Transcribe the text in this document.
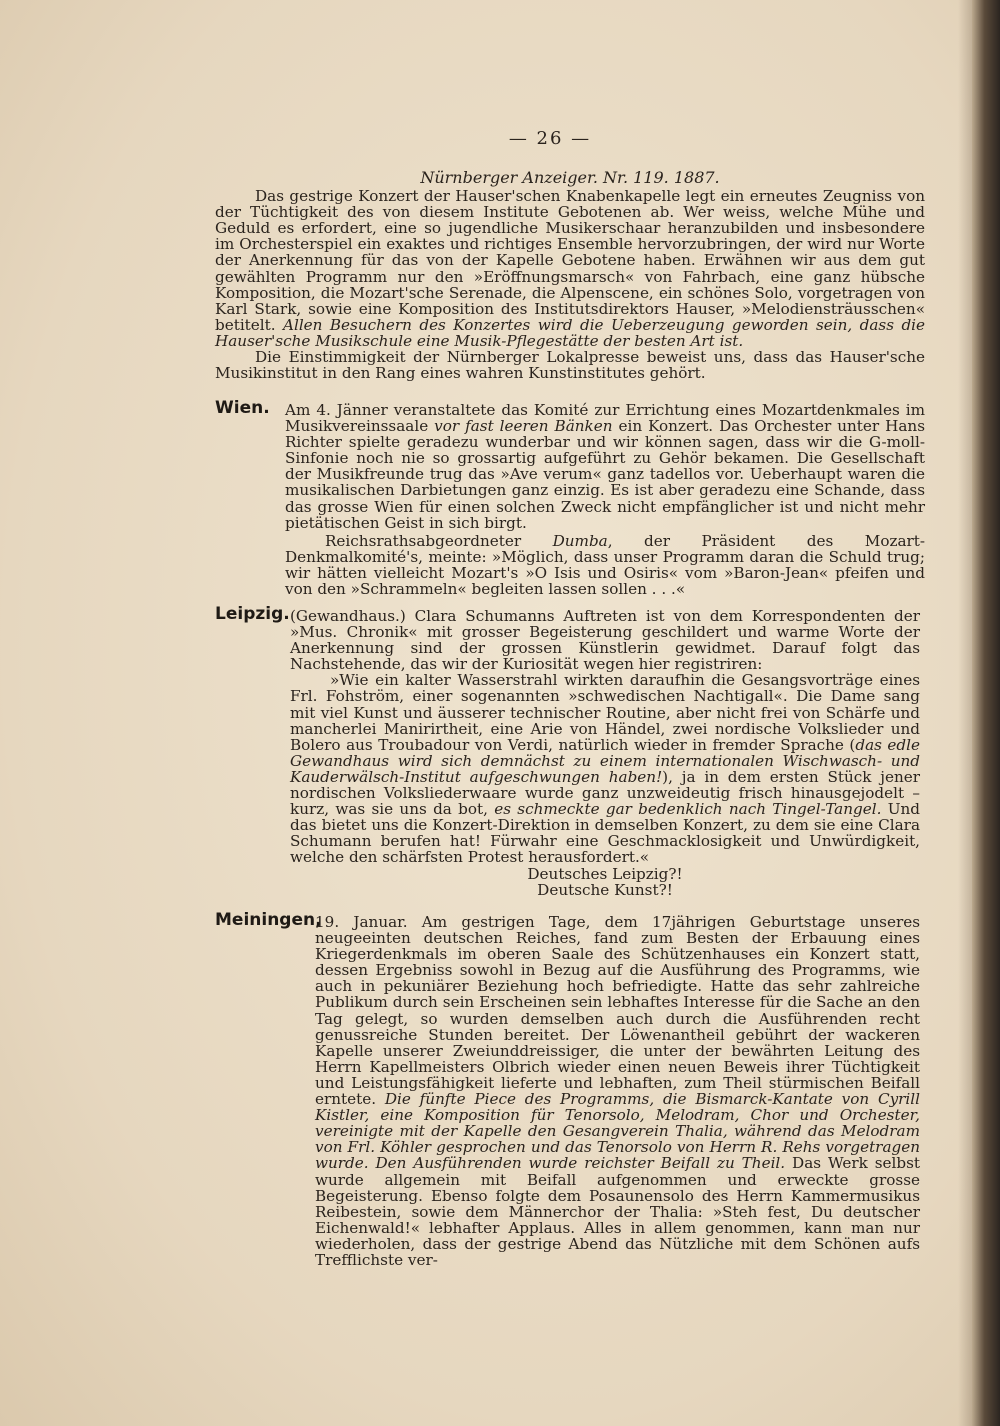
— 26 —

Nürnberger Anzeiger. Nr. 119. 1887.

Das gestrige Konzert der Hauser'schen Knabenkapelle legt ein erneutes Zeugniss von der Tüchtigkeit des von diesem Institute Gebotenen ab. Wer weiss, welche Mühe und Geduld es erfordert, eine so jugendliche Musikerschaar heranzubilden und insbesondere im Orchesterspiel ein exaktes und richtiges Ensemble hervorzubringen, der wird nur Worte der Anerkennung für das von der Kapelle Gebotene haben. Erwähnen wir aus dem gut gewählten Programm nur den »Eröffnungsmarsch« von Fahrbach, eine ganz hübsche Komposition, die Mozart'sche Serenade, die Alpenscene, ein schönes Solo, vorgetragen von Karl Stark, sowie eine Komposition des Institutsdirektors Hauser, »Melodiensträusschen« betitelt. Allen Besuchern des Konzertes wird die Ueberzeugung geworden sein, dass die Hauser'sche Musikschule eine Musik-Pflegestätte der besten Art ist.

Die Einstimmigkeit der Nürnberger Lokalpresse beweist uns, dass das Hauser'sche Musikinstitut in den Rang eines wahren Kunstinstitutes gehört.

Wien. Am 4. Jänner veranstaltete das Komité zur Errichtung eines Mozartdenkmales im Musikvereinssaale vor fast leeren Bänken ein Konzert. Das Orchester unter Hans Richter spielte geradezu wunderbar und wir können sagen, dass wir die G-moll-Sinfonie noch nie so grossartig aufgeführt zu Gehör bekamen. Die Gesellschaft der Musikfreunde trug das »Ave verum« ganz tadellos vor. Ueberhaupt waren die musikalischen Darbietungen ganz einzig. Es ist aber geradezu eine Schande, dass das grosse Wien für einen solchen Zweck nicht empfänglicher ist und nicht mehr pietätischen Geist in sich birgt.

Reichsrathsabgeordneter Dumba, der Präsident des Mozart-Denkmalkomité's, meinte: »Möglich, dass unser Programm daran die Schuld trug; wir hätten vielleicht Mozart's »O Isis und Osiris« vom »Baron-Jean« pfeifen und von den »Schrammeln« begleiten lassen sollen . . .«

Leipzig. (Gewandhaus.) Clara Schumanns Auftreten ist von dem Korrespondenten der »Mus. Chronik« mit grosser Begeisterung geschildert und warme Worte der Anerkennung sind der grossen Künstlerin gewidmet. Darauf folgt das Nachstehende, das wir der Kuriosität wegen hier registriren:

»Wie ein kalter Wasserstrahl wirkten daraufhin die Gesangsvorträge eines Frl. Fohström, einer sogenannten »schwedischen Nachtigall«. Die Dame sang mit viel Kunst und äusserer technischer Routine, aber nicht frei von Schärfe und mancherlei Manirirtheit, eine Arie von Händel, zwei nordische Volkslieder und Bolero aus Troubadour von Verdi, natürlich wieder in fremder Sprache (das edle Gewandhaus wird sich demnächst zu einem internationalen Wischwasch- und Kauderwälsch-Institut aufgeschwungen haben!), ja in dem ersten Stück jener nordischen Volksliederwaare wurde ganz unzweideutig frisch hinausgejodelt – kurz, was sie uns da bot, es schmeckte gar bedenklich nach Tingel-Tangel. Und das bietet uns die Konzert-Direktion in demselben Konzert, zu dem sie eine Clara Schumann berufen hat! Fürwahr eine Geschmacklosigkeit und Unwürdigkeit, welche den schärfsten Protest herausfordert.«

Deutsches Leipzig?!

Deutsche Kunst?!

Meiningen,

19. Januar. Am gestrigen Tage, dem 17jährigen Geburtstage unseres neugeeinten deutschen Reiches, fand zum Besten der Erbauung eines Kriegerdenkmals im oberen Saale des Schützenhauses ein Konzert statt, dessen Ergebniss sowohl in Bezug auf die Ausführung des Programms, wie auch in pekuniärer Beziehung hoch befriedigte. Hatte das sehr zahlreiche Publikum durch sein Erscheinen sein lebhaftes Interesse für die Sache an den Tag gelegt, so wurden demselben auch durch die Ausführenden recht genussreiche Stunden bereitet. Der Löwenantheil gebührt der wackeren Kapelle unserer Zweiunddreissiger, die unter der bewährten Leitung des Herrn Kapellmeisters Olbrich wieder einen neuen Beweis ihrer Tüchtigkeit und Leistungsfähigkeit lieferte und lebhaften, zum Theil stürmischen Beifall erntete. Die fünfte Piece des Programms, die Bismarck-Kantate von Cyrill Kistler, eine Komposition für Tenorsolo, Melodram, Chor und Orchester, vereinigte mit der Kapelle den Gesangverein Thalia, während das Melodram von Frl. Köhler gesprochen und das Tenorsolo von Herrn R. Rehs vorgetragen wurde. Den Ausführenden wurde reichster Beifall zu Theil. Das Werk selbst wurde allgemein mit Beifall aufgenommen und erweckte grosse Begeisterung. Ebenso folgte dem Posaunensolo des Herrn Kammermusikus Reibestein, sowie dem Männerchor der Thalia: »Steh fest, Du deutscher Eichenwald!« lebhafter Applaus. Alles in allem genommen, kann man nur wiederholen, dass der gestrige Abend das Nützliche mit dem Schönen aufs Trefflichste ver-
